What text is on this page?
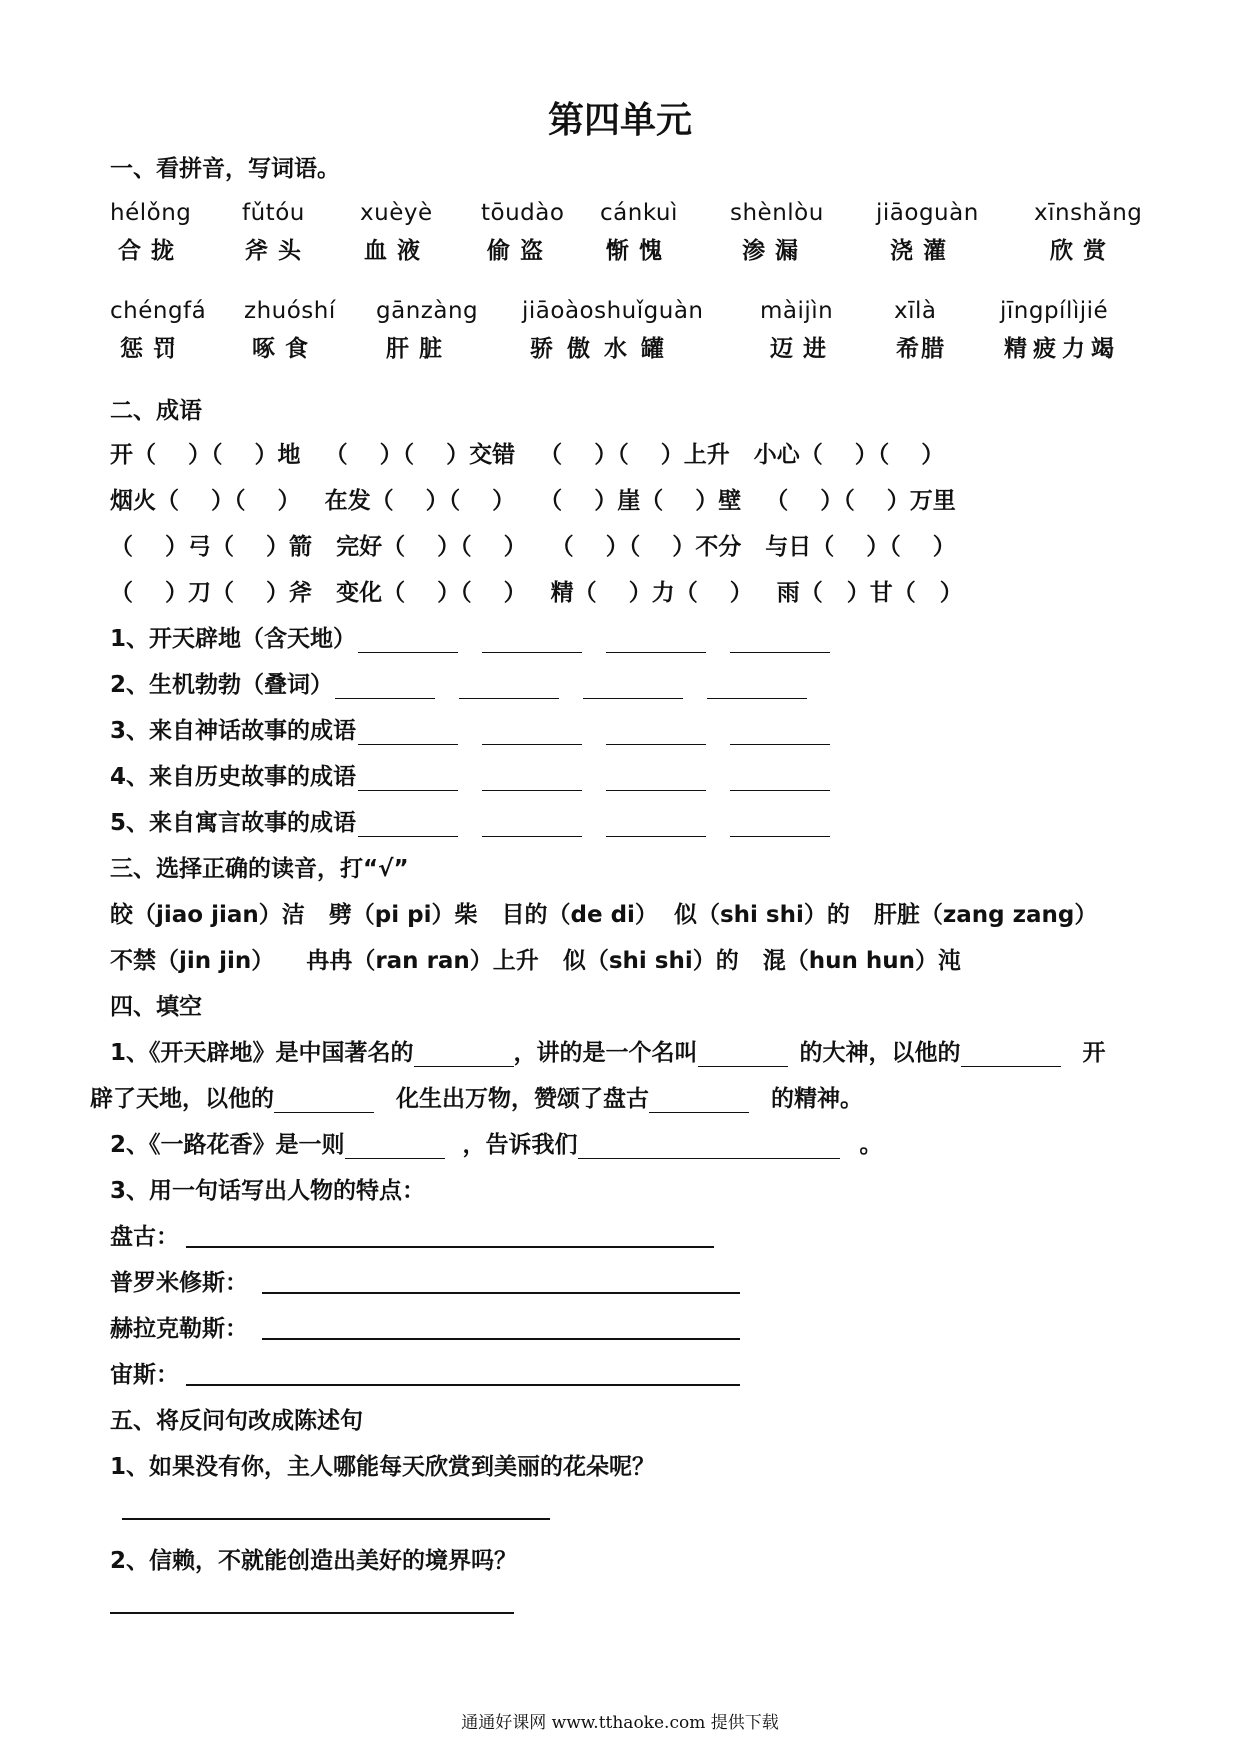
第四单元
一、看拼音，写词语。
hélǒng
合拢
fǔtóu
斧头
xuèyè
血液
tōudào
偷盗
cánkuì
惭愧
shènlòu
渗漏
jiāoguàn
浇灌
xīnshǎng
欣赏
chéngfá
惩罚
zhuóshí
啄食
gānzàng
肝脏
jiāoàoshuǐguàn
骄傲水罐
màijìn
迈进
xīlà
希腊
jīngpílìjié
精疲力竭
二、成语
开（    ）（    ）地   （    ）（    ）交错   （    ）（    ）上升   小心（    ）（    ）
烟火（    ）（    ）   在发（    ）（    ）   （    ）崖（    ）壁   （    ）（    ）万里
（    ）弓（    ）箭   完好（    ）（    ）   （    ）（    ）不分   与日（    ）（    ）
（    ）刀（    ）斧   变化（    ）（    ）   精（    ）力（    ）   雨（   ）甘（   ）
1、开天辟地（含天地）
2、生机勃勃（叠词）
3、来自神话故事的成语
4、来自历史故事的成语
5、来自寓言故事的成语
三、选择正确的读音，打“√”
皎（jiao jian）洁   劈（pi pi）柴   目的（de di）  似（shi shi）的   肝脏（zang zang）
不禁（jin jin）    冉冉（ran ran）上升   似（shi shi）的   混（hun hun）沌
四、填空
1、《开天辟地》是中国著名的	，讲的是一个名叫	的大神，以他的	开
辟了天地，以他的	化生出万物，赞颂了盘古	的精神。
2、《一路花香》是一则	，告诉我们	。
3、用一句话写出人物的特点：
盘古：
普罗米修斯：
赫拉克勒斯：
宙斯：
五、将反问句改成陈述句
1、如果没有你，主人哪能每天欣赏到美丽的花朵呢？
2、信赖，不就能创造出美好的境界吗？
通通好课网 www.tthaoke.com 提供下载
